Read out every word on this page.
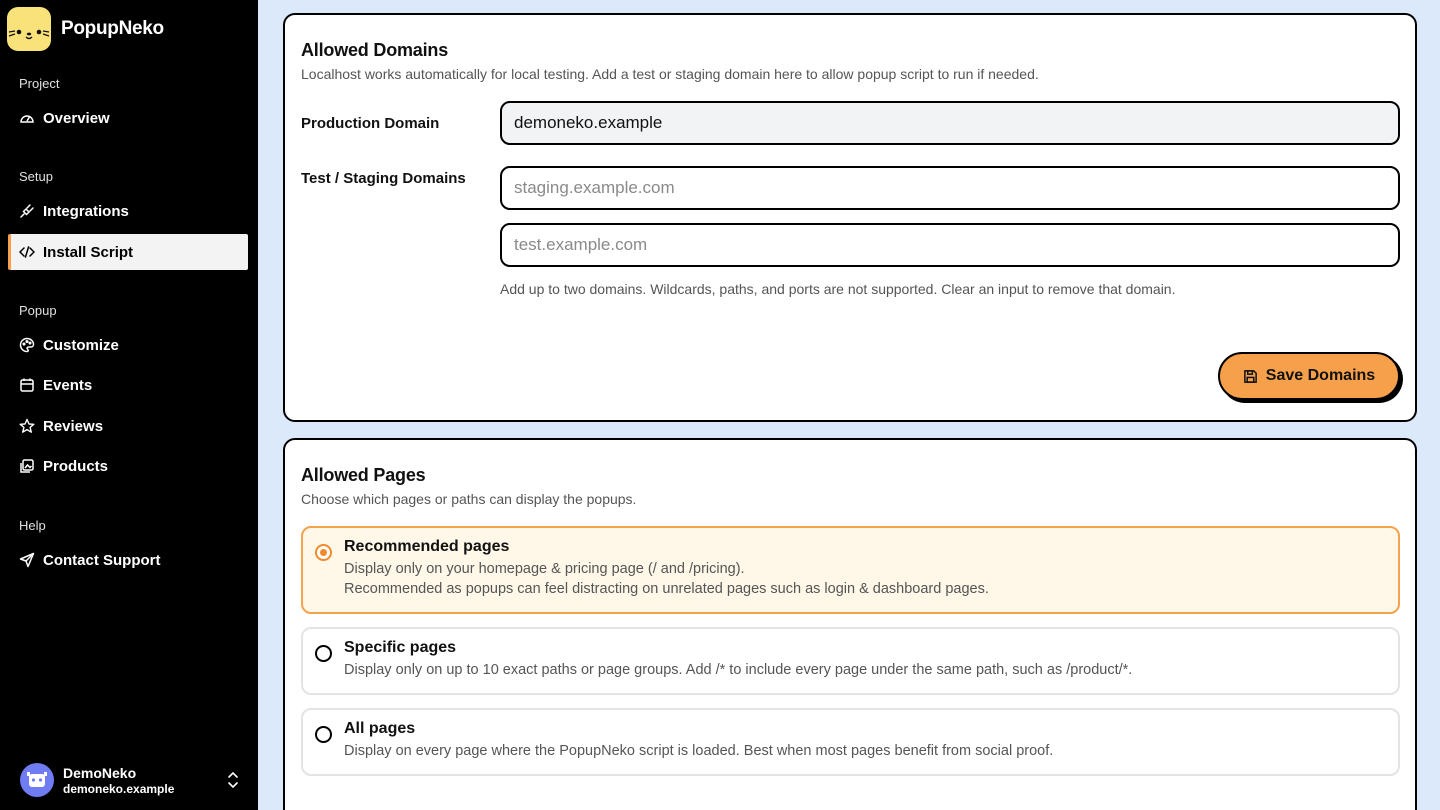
PopupNeko
Project
Overview
Setup
Integrations
Install Script
Popup
Customize
Events
Reviews
Products
Help
Contact Support
DemoNeko
demoneko.example
Allowed Domains
Localhost works automatically for local testing. Add a test or staging domain here to allow popup script to run if needed.
Production Domain
demoneko.example
Test / Staging Domains
staging.example.com
test.example.com
Add up to two domains. Wildcards, paths, and ports are not supported. Clear an input to remove that domain.
Save Domains
Allowed Pages
Choose which pages or paths can display the popups.
Recommended pages
Display only on your homepage & pricing page (/ and /pricing).
Recommended as popups can feel distracting on unrelated pages such as login & dashboard pages.
Specific pages
Display only on up to 10 exact paths or page groups. Add /* to include every page under the same path, such as /product/*.
All pages
Display on every page where the PopupNeko script is loaded. Best when most pages benefit from social proof.
